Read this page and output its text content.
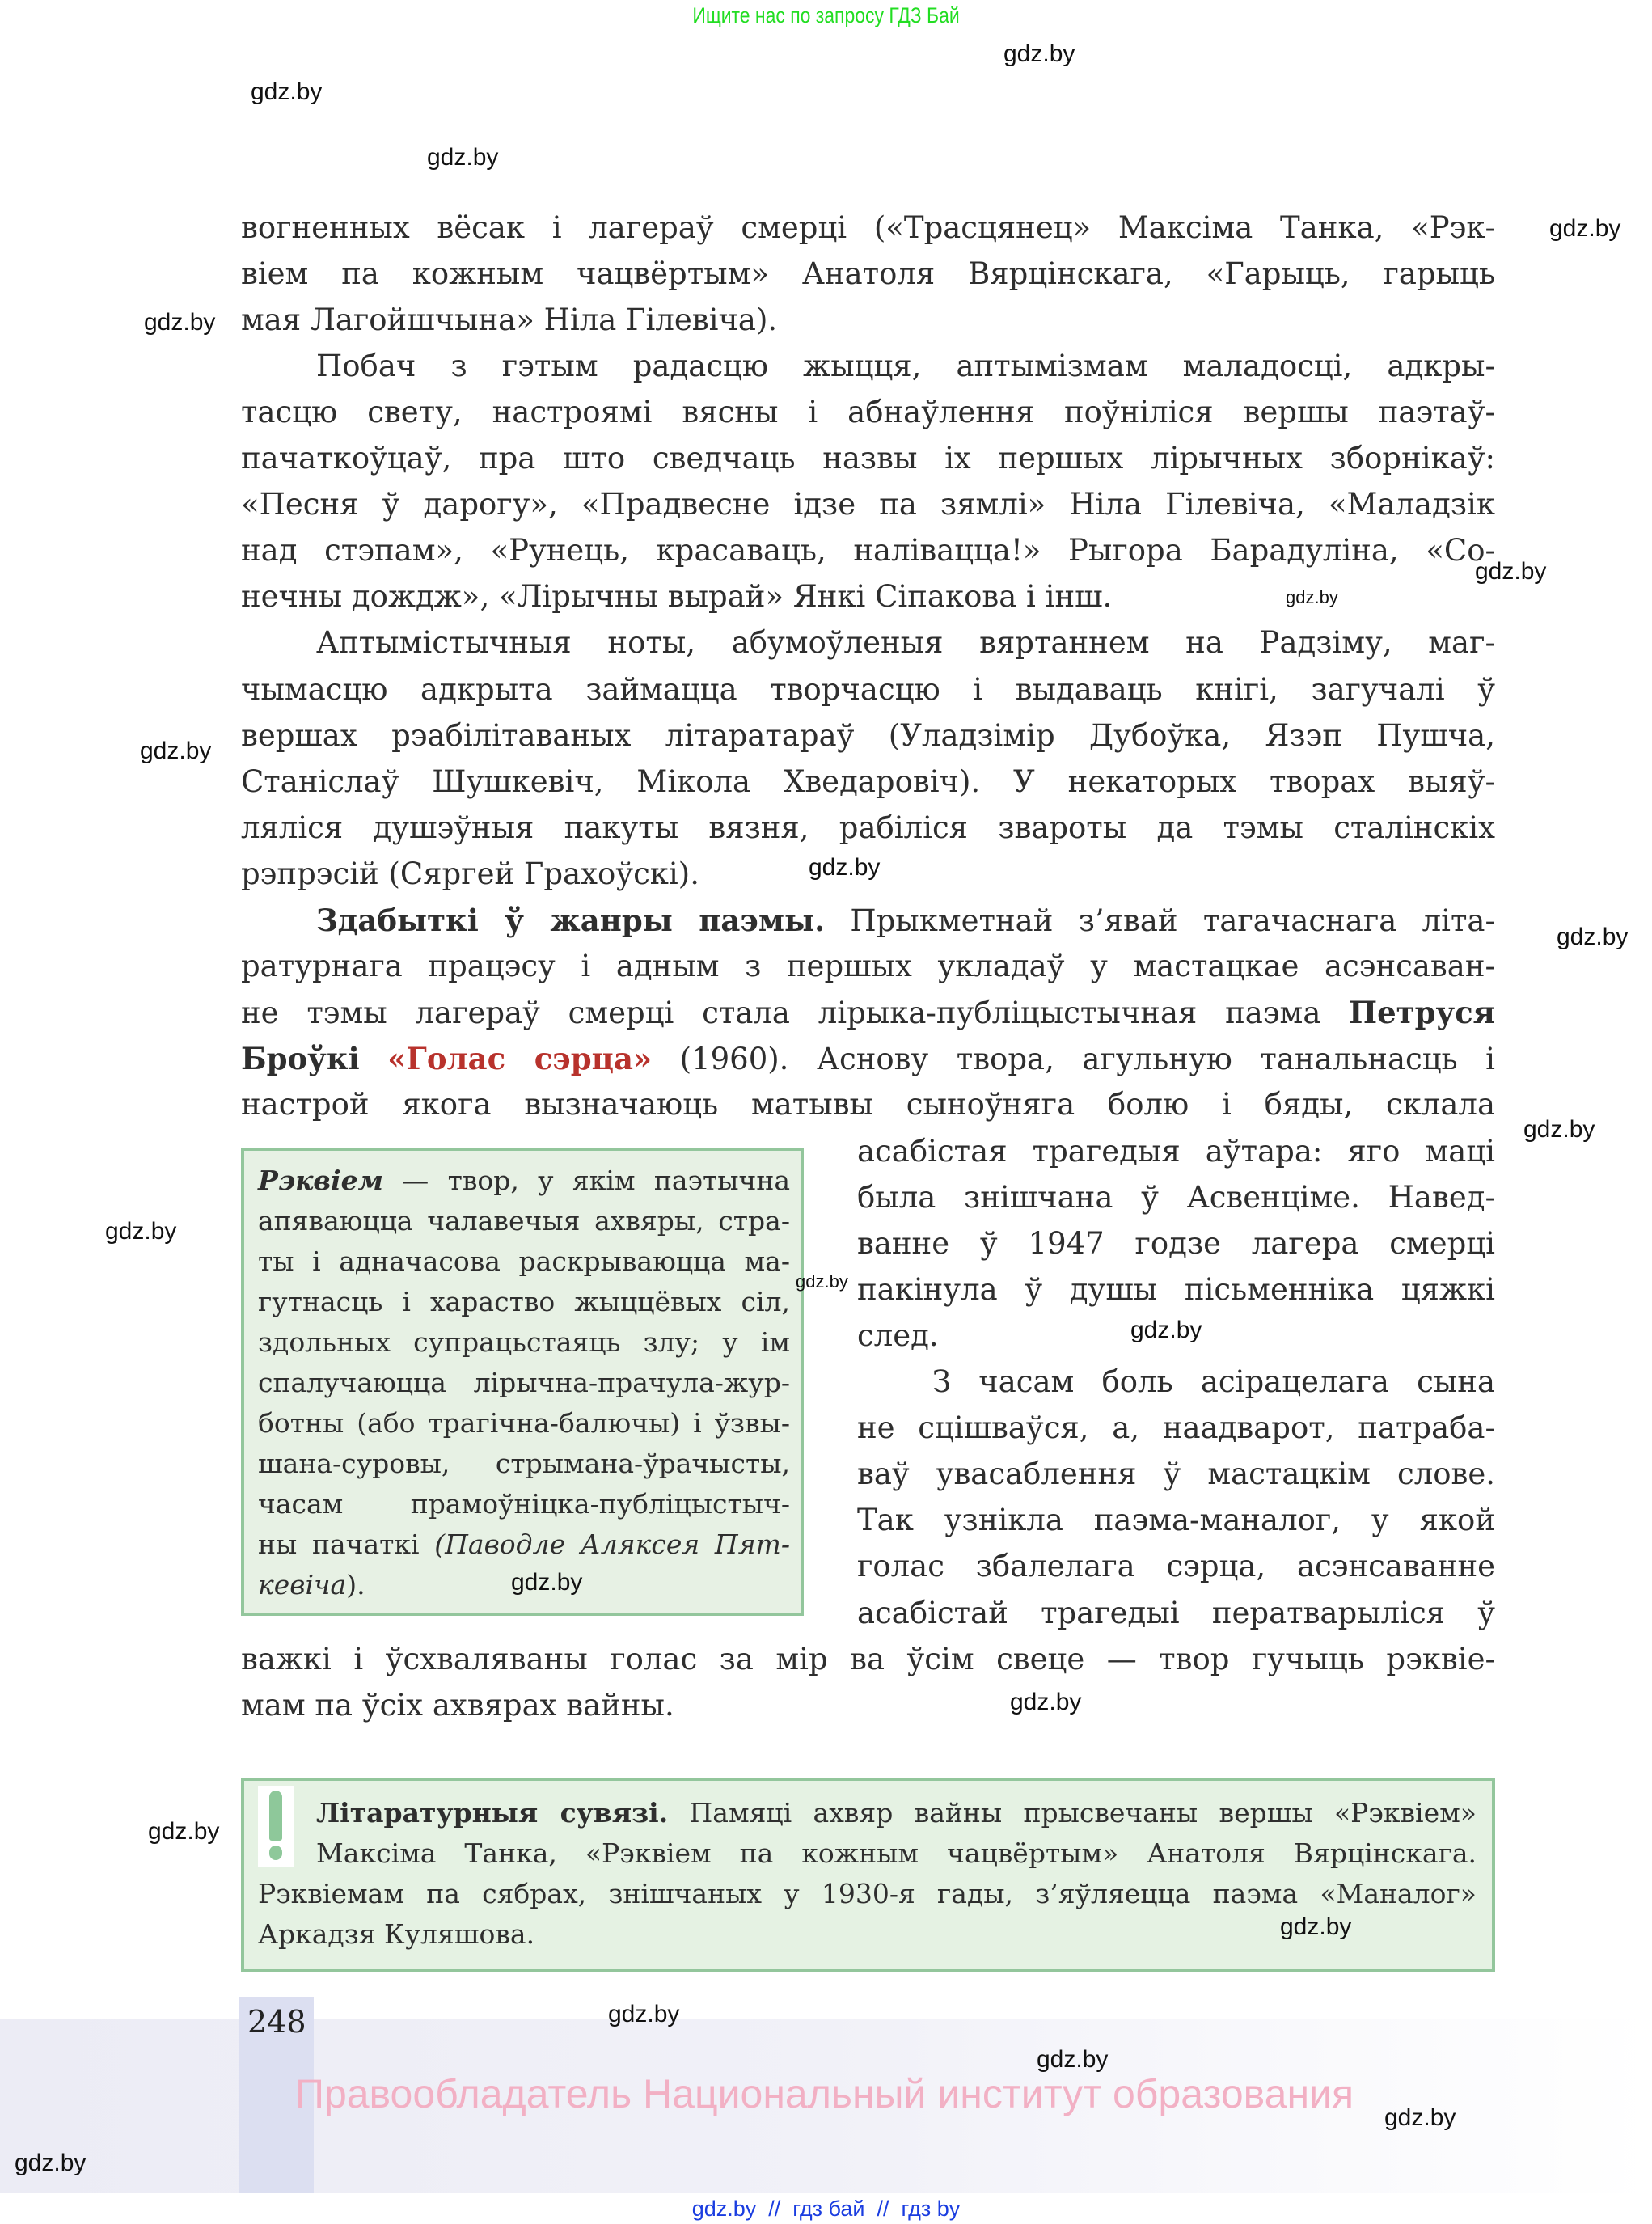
Ищите нас по запросу ГДЗ Бай
248
Правообладатель Национальный институт образования
вогненных вёсак і лагераў смерці («Трасцянец» Максіма Танка, «Рэк-
віем па кожным чацвёртым» Анатоля Вярцінскага, «Гарыць, гарыць
мая Лагойшчына» Ніла Гілевіча).
Побач з гэтым радасцю жыцця, аптымізмам маладосці, адкры-
тасцю свету, настроямі вясны і абнаўлення поўніліся вершы паэтаў-
пачаткоўцаў, пра што сведчаць назвы іх першых лірычных зборнікаў:
«Песня ў дарогу», «Прадвесне ідзе па зямлі» Ніла Гілевіча, «Маладзік
над стэпам», «Рунець, красаваць, налівацца!» Рыгора Барадуліна, «Со-
нечны дождж», «Лірычны вырай» Янкі Сіпакова і інш.
Аптымістычныя ноты, абумоўленыя вяртаннем на Радзіму, маг-
чымасцю адкрыта займацца творчасцю і выдаваць кнігі, загучалі ў
вершах рэабілітаваных літаратараў (Уладзімір Дубоўка, Язэп Пушча,
Станіслаў Шушкевіч, Мікола Хведаровіч). У некаторых творах выяў-
ляліся душэўныя пакуты вязня, рабіліся звароты да тэмы сталінскіх
рэпрэсій (Сяргей Грахоўскі).
Здабыткі ў жанры паэмы. Прыкметнай з’явай тагачаснага літа-
ратурнага працэсу і адным з першых укладаў у мастацкае асэнсаван-
не тэмы лагераў смерці стала лірыка-публіцыстычная паэма Петруся
Броўкі «Голас сэрца» (1960). Аснову твора, агульную танальнасць і
настрой якога вызначаюць матывы сыноўняга болю і бяды, склала
асабістая трагедыя аўтара: яго маці
была знішчана ў Асвенціме. Навед-
ванне ў 1947 годзе лагера смерці
пакінула ў душы пісьменніка цяжкі
след.
З часам боль асірацелага сына
не сцішваўся, а, наадварот, патраба-
ваў увасаблення ў мастацкім слове.
Так узнікла паэма-маналог, у якой
голас збалелага сэрца, асэнсаванне
асабістай трагедыі ператварыліся ў
важкі і ўсхваляваны голас за мір ва ўсім свеце — твор гучыць рэквіе-
мам па ўсіх ахвярах вайны.
Рэквіем — твор, у якім паэтычна
апяваюцца чалавечыя ахвяры, стра-
ты і адначасова раскрываюцца ма-
гутнасць і хараство жыццёвых сіл,
здольных супрацьстаяць злу; у ім
спалучаюцца лірычна-прачула-жур-
ботны (або трагічна-балючы) і ўзвы-
шана-суровы, стрымана-ўрачысты,
часам прамоўніцка-публіцыстыч-
ны пачаткі (Паводле Аляксея Пят-
кевіча).
Літаратурныя сувязі. Памяці ахвяр вайны прысвечаны вершы «Рэквіем»
Максіма Танка, «Рэквіем па кожным чацвёртым» Анатоля Вярцінскага.
Рэквіемам па сябрах, знішчаных у 1930-я гады, з’яўляецца паэма «Маналог»
Аркадзя Куляшова.
gdz.by
gdz.by
gdz.by
gdz.by
gdz.by
gdz.by
gdz.by
gdz.by
gdz.by
gdz.by
gdz.by
gdz.by
gdz.by
gdz.by
gdz.by
gdz.by
gdz.by
gdz.by
gdz.by
gdz.by
gdz.by
gdz.by
gdz.by  //  гдз бай  //  гдз by
